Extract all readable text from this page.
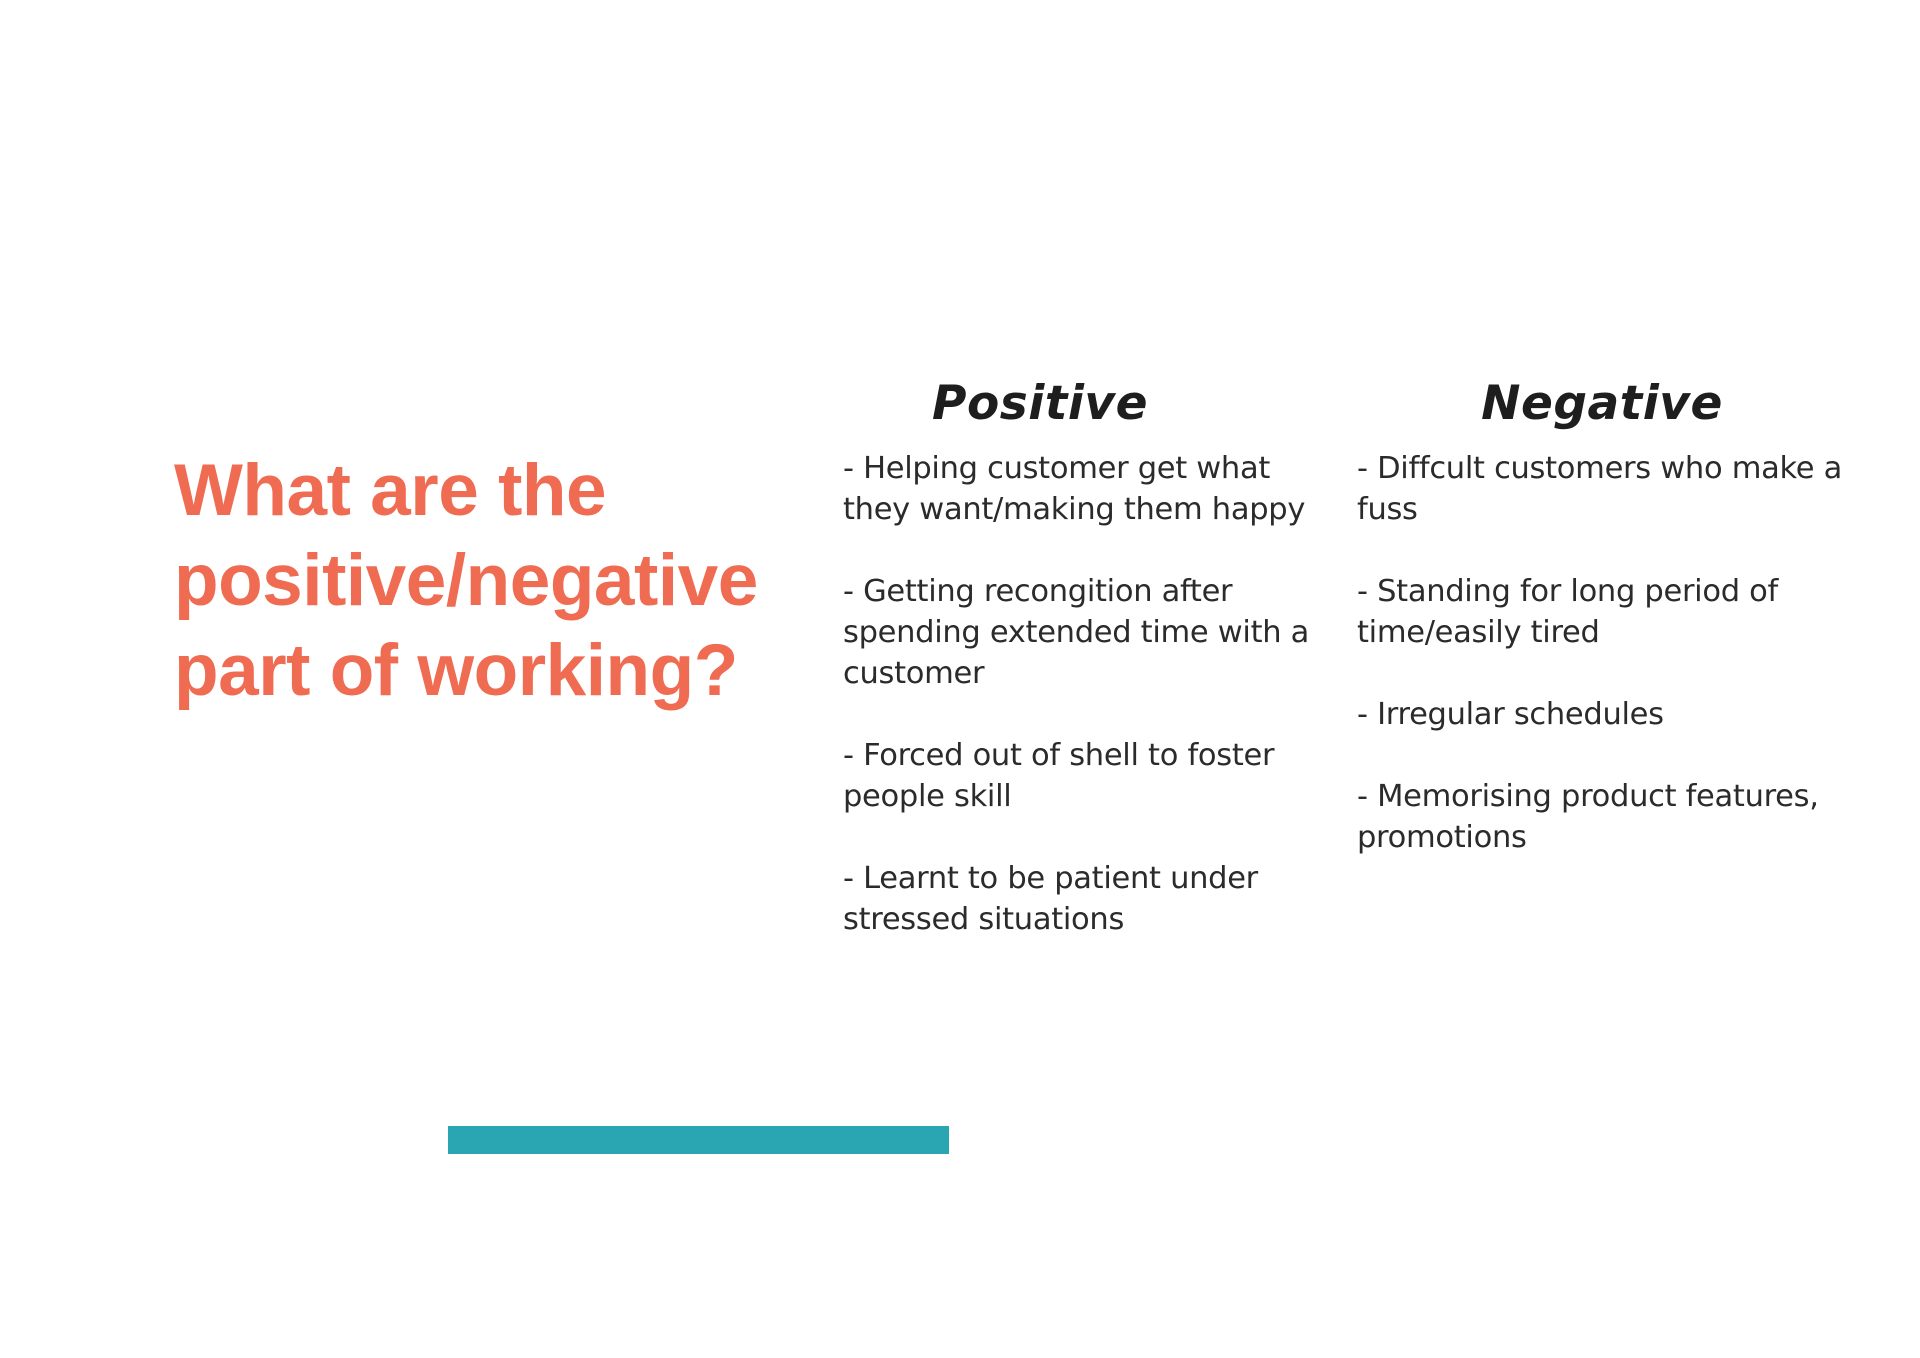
What are the
positive/negative
part of working?
Positive
- Helping customer get what they want/making them happy
- Getting recongition after spending extended time with a customer
- Forced out of shell to foster people skill
- Learnt to be patient under stressed situations
Negative
- Diffcult customers who make a fuss
- Standing for long period of time/easily tired
- Irregular schedules
- Memorising product features, promotions
